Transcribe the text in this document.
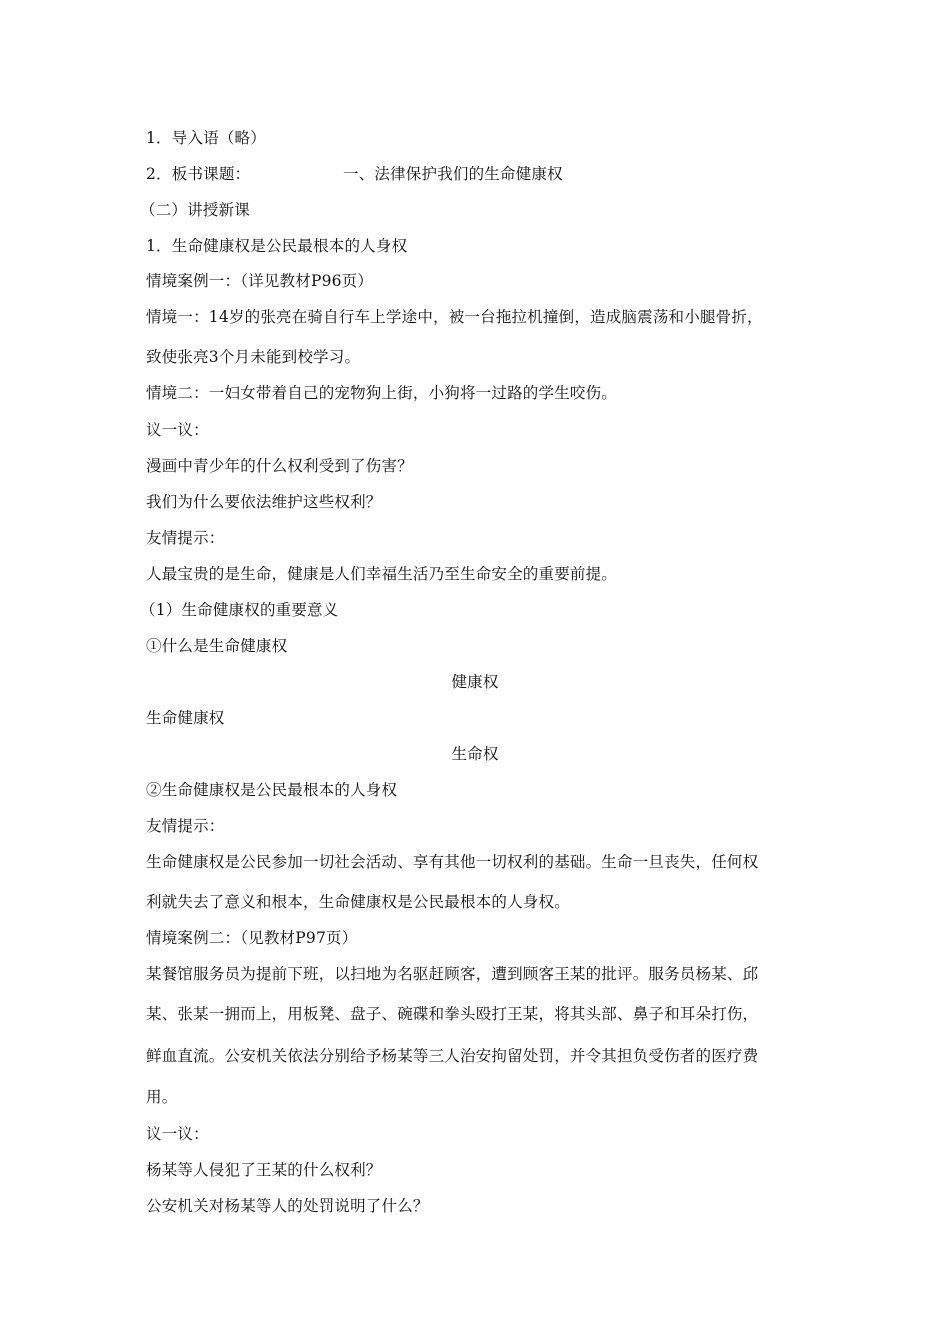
1．导入语（略）
2．板书课题：	一、法律保护我们的生命健康权
（二）讲授新课
1．生命健康权是公民最根本的人身权
情境案例一：（详见教材P96页）
情境一：14岁的张亮在骑自行车上学途中，被一台拖拉机撞倒，造成脑震荡和小腿骨折，
致使张亮3个月未能到校学习。
情境二：一妇女带着自己的宠物狗上街，小狗将一过路的学生咬伤。
议一议：
漫画中青少年的什么权利受到了伤害？
我们为什么要依法维护这些权利？
友情提示：
人最宝贵的是生命，健康是人们幸福生活乃至生命安全的重要前提。
（1）生命健康权的重要意义
①什么是生命健康权
健康权
生命健康权
生命权
②生命健康权是公民最根本的人身权
友情提示：
生命健康权是公民参加一切社会活动、享有其他一切权利的基础。生命一旦丧失，任何权
利就失去了意义和根本，生命健康权是公民最根本的人身权。
情境案例二：（见教材P97页）
某餐馆服务员为提前下班，以扫地为名驱赶顾客，遭到顾客王某的批评。服务员杨某、邱
某、张某一拥而上，用板凳、盘子、碗碟和拳头殴打王某，将其头部、鼻子和耳朵打伤，
鲜血直流。公安机关依法分别给予杨某等三人治安拘留处罚，并令其担负受伤者的医疗费
用。
议一议：
杨某等人侵犯了王某的什么权利？
公安机关对杨某等人的处罚说明了什么？
